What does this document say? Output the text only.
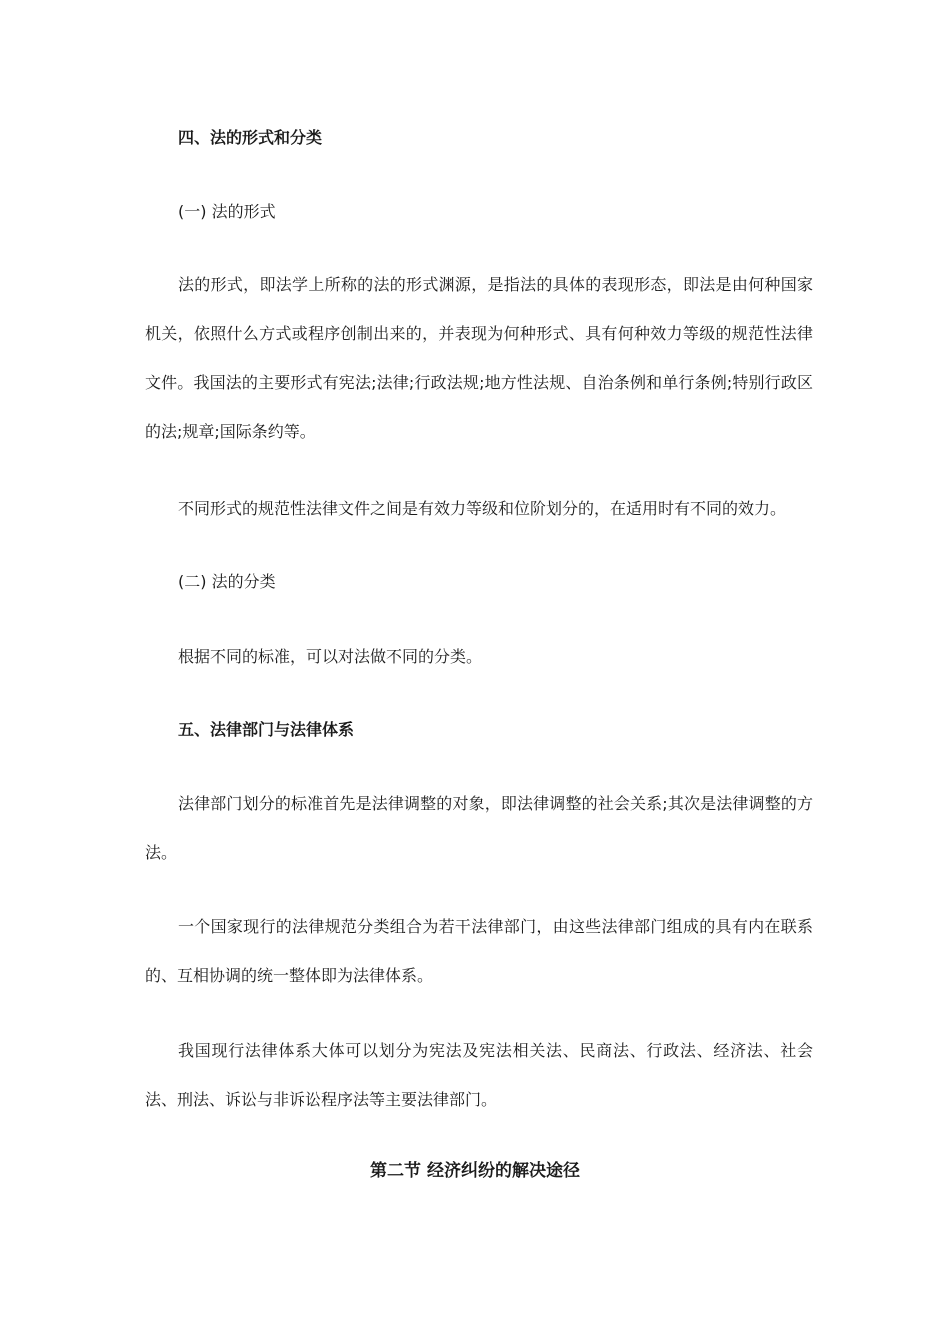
四、法的形式和分类
(一) 法的形式

法的形式，即法学上所称的法的形式渊源，是指法的具体的表现形态，即法是由何种国家机关，依照什么方式或程序创制出来的，并表现为何种形式、具有何种效力等级的规范性法律文件。我国法的主要形式有宪法;法律;行政法规;地方性法规、自治条例和单行条例;特别行政区的法;规章;国际条约等。

不同形式的规范性法律文件之间是有效力等级和位阶划分的，在适用时有不同的效力。

(二) 法的分类

根据不同的标准，可以对法做不同的分类。

五、法律部门与法律体系

法律部门划分的标准首先是法律调整的对象，即法律调整的社会关系;其次是法律调整的方法。

一个国家现行的法律规范分类组合为若干法律部门，由这些法律部门组成的具有内在联系的、互相协调的统一整体即为法律体系。

我国现行法律体系大体可以划分为宪法及宪法相关法、民商法、行政法、经济法、社会法、刑法、诉讼与非诉讼程序法等主要法律部门。

第二节 经济纠纷的解决途径
